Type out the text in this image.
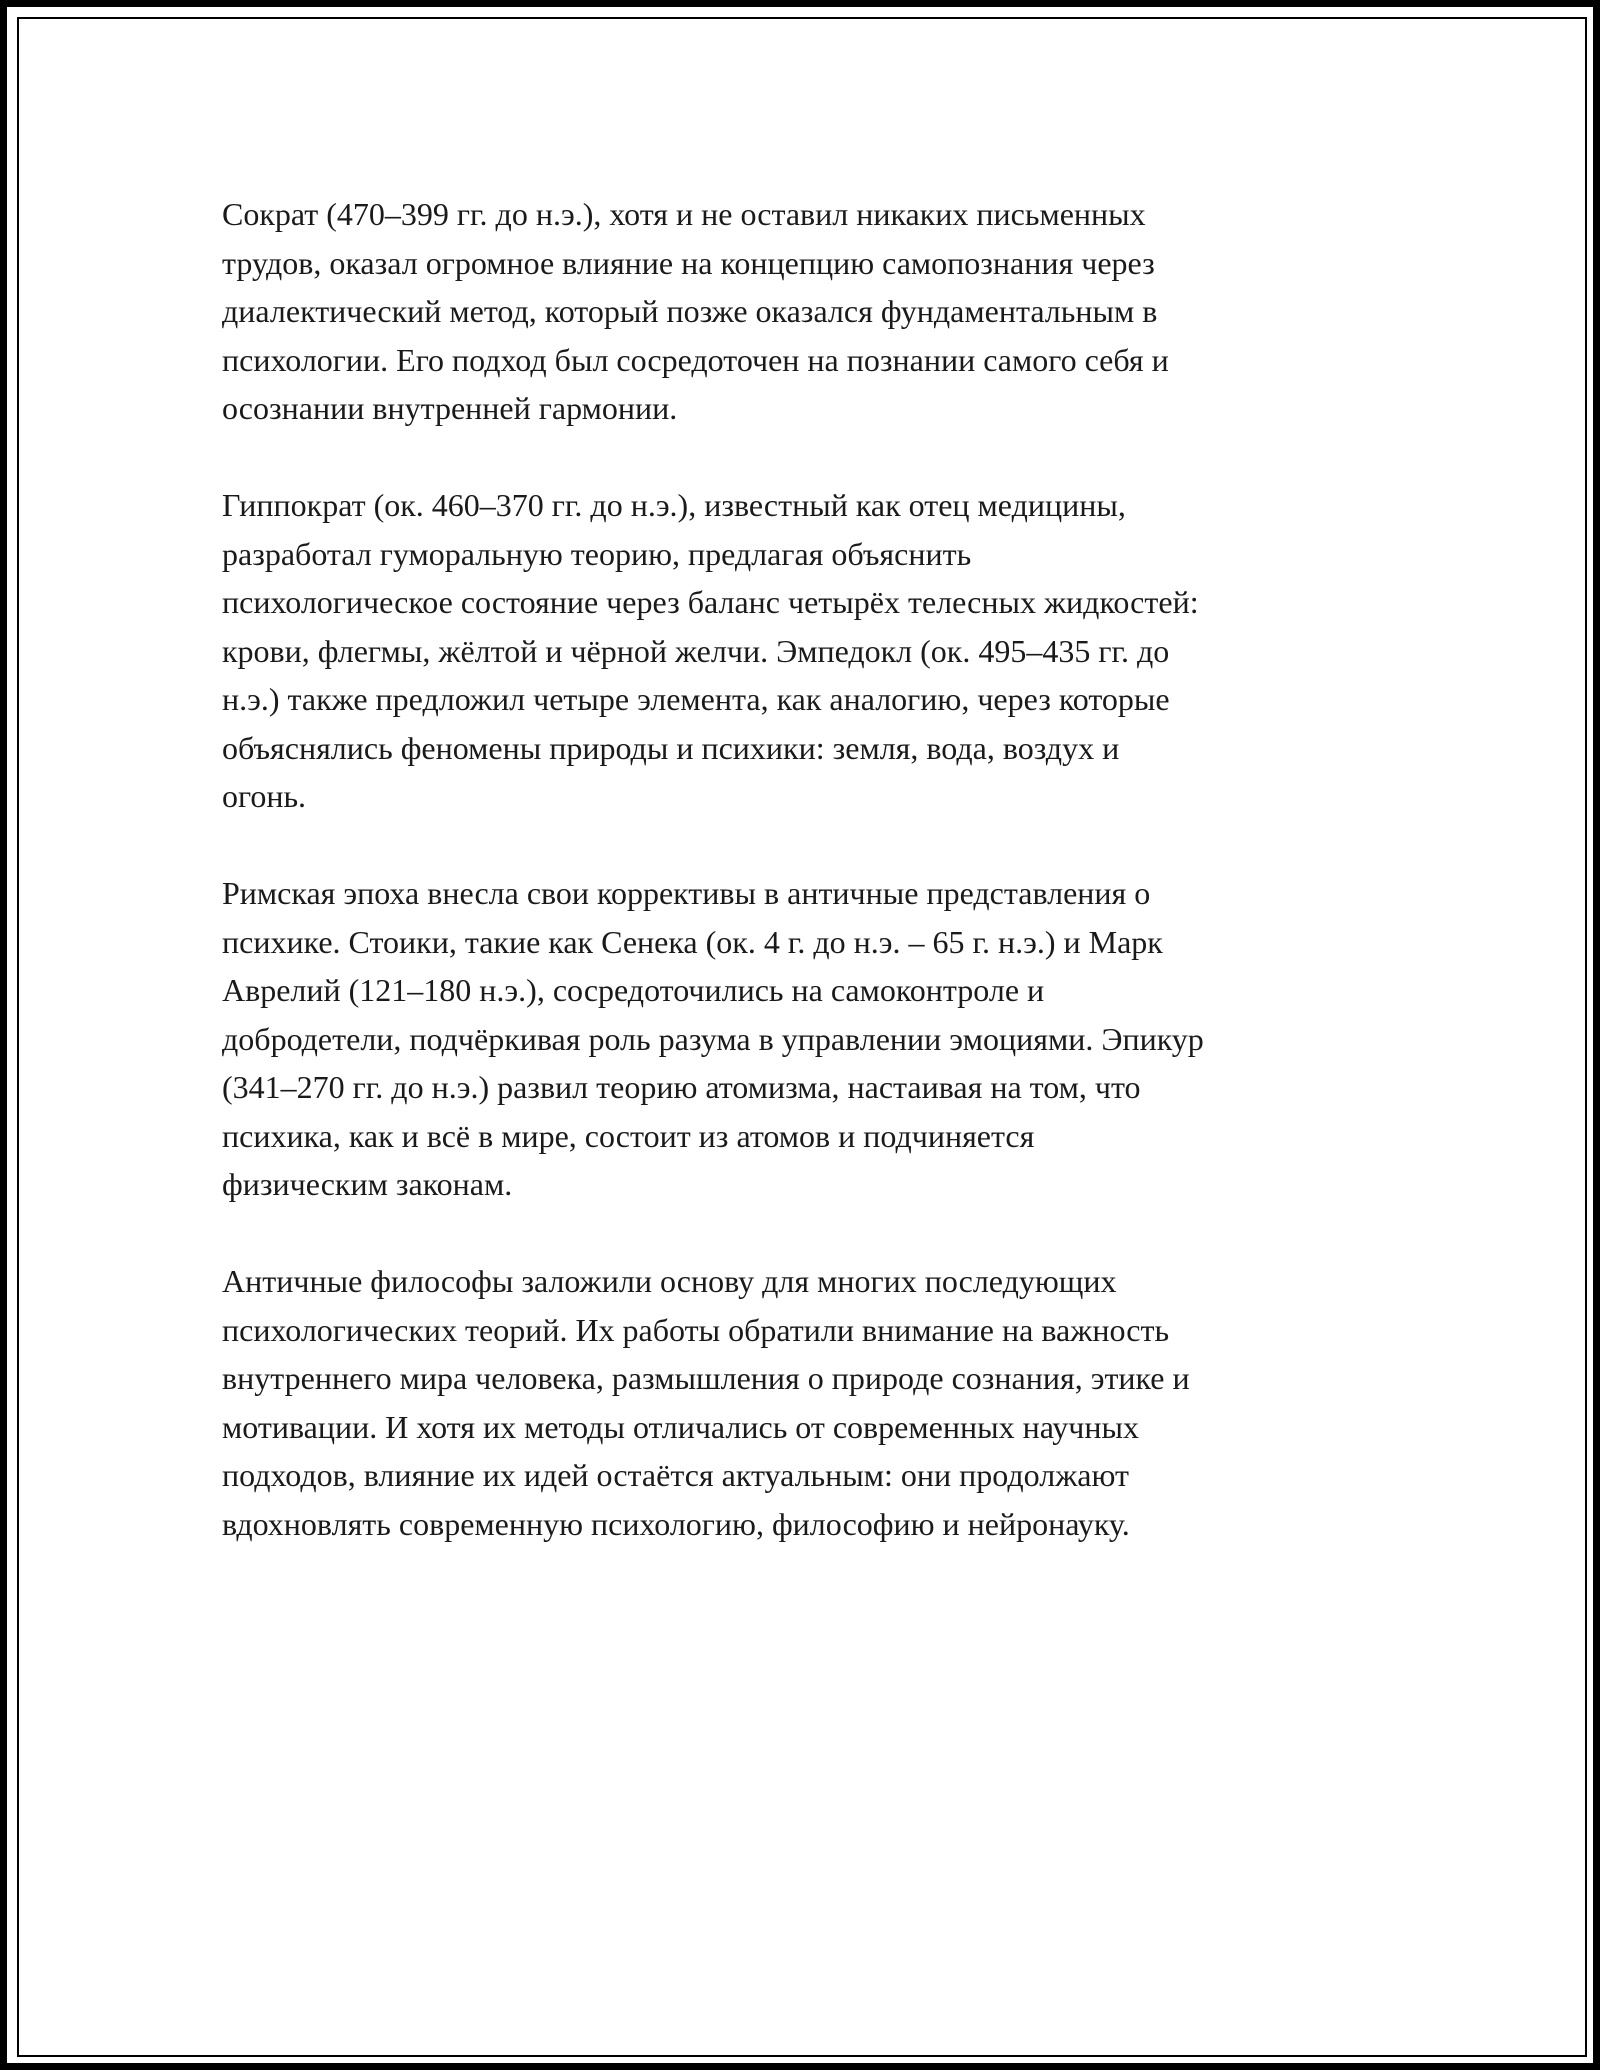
Сократ (470–399 гг. до н.э.), хотя и не оставил никаких письменных
трудов, оказал огромное влияние на концепцию самопознания через
диалектический метод, который позже оказался фундаментальным в
психологии. Его подход был сосредоточен на познании самого себя и
осознании внутренней гармонии.
Гиппократ (ок. 460–370 гг. до н.э.), известный как отец медицины,
разработал гуморальную теорию, предлагая объяснить
психологическое состояние через баланс четырёх телесных жидкостей:
крови, флегмы, жёлтой и чёрной желчи. Эмпедокл (ок. 495–435 гг. до
н.э.) также предложил четыре элемента, как аналогию, через которые
объяснялись феномены природы и психики: земля, вода, воздух и
огонь.
Римская эпоха внесла свои коррективы в античные представления о
психике. Стоики, такие как Сенека (ок. 4 г. до н.э. – 65 г. н.э.) и Марк
Аврелий (121–180 н.э.), сосредоточились на самоконтроле и
добродетели, подчёркивая роль разума в управлении эмоциями. Эпикур
(341–270 гг. до н.э.) развил теорию атомизма, настаивая на том, что
психика, как и всё в мире, состоит из атомов и подчиняется
физическим законам.
Античные философы заложили основу для многих последующих
психологических теорий. Их работы обратили внимание на важность
внутреннего мира человека, размышления о природе сознания, этике и
мотивации. И хотя их методы отличались от современных научных
подходов, влияние их идей остаётся актуальным: они продолжают
вдохновлять современную психологию, философию и нейронауку.
